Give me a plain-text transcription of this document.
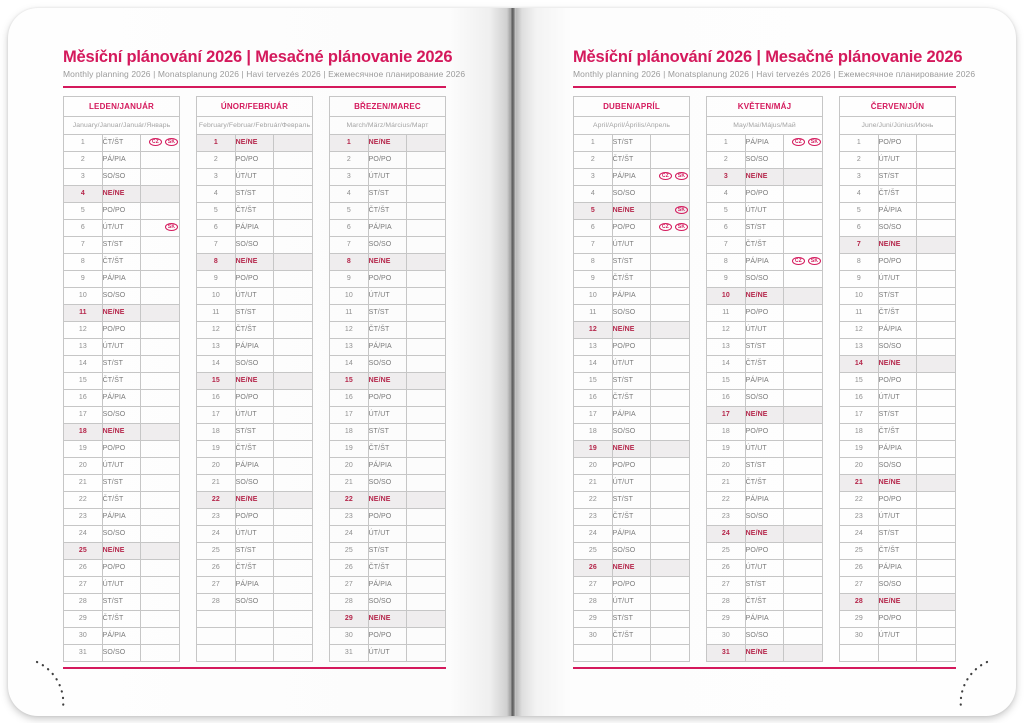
Měsíční plánování 2026 | Mesačné plánovanie 2026
Monthly planning 2026 | Monatsplanung 2026 | Havi tervezés 2026 | Ежемесячное планирование 2026
LEDEN/JANUÁR		
January/Januar/Január/Январь		
1	ČT/ŠT	CZ SK
2	PÁ/PIA	
3	SO/SO	
4	NE/NE	
5	PO/PO	
6	ÚT/UT	SK
7	ST/ST	
8	ČT/ŠT	
9	PÁ/PIA	
10	SO/SO	
11	NE/NE	
12	PO/PO	
13	ÚT/UT	
14	ST/ST	
15	ČT/ŠT	
16	PÁ/PIA	
17	SO/SO	
18	NE/NE	
19	PO/PO	
20	ÚT/UT	
21	ST/ST	
22	ČT/ŠT	
23	PÁ/PIA	
24	SO/SO	
25	NE/NE	
26	PO/PO	
27	ÚT/UT	
28	ST/ST	
29	ČT/ŠT	
30	PÁ/PIA	
31	SO/SO	
ÚNOR/FEBRUÁR		
February/Februar/Február/Февраль		
1	NE/NE	
2	PO/PO	
3	ÚT/UT	
4	ST/ST	
5	ČT/ŠT	
6	PÁ/PIA	
7	SO/SO	
8	NE/NE	
9	PO/PO	
10	ÚT/UT	
11	ST/ST	
12	ČT/ŠT	
13	PÁ/PIA	
14	SO/SO	
15	NE/NE	
16	PO/PO	
17	ÚT/UT	
18	ST/ST	
19	ČT/ŠT	
20	PÁ/PIA	
21	SO/SO	
22	NE/NE	
23	PO/PO	
24	ÚT/UT	
25	ST/ST	
26	ČT/ŠT	
27	PÁ/PIA	
28	SO/SO	

BŘEZEN/MAREC		
March/März/Március/Март		
1	NE/NE	
2	PO/PO	
3	ÚT/UT	
4	ST/ST	
5	ČT/ŠT	
6	PÁ/PIA	
7	SO/SO	
8	NE/NE	
9	PO/PO	
10	ÚT/UT	
11	ST/ST	
12	ČT/ŠT	
13	PÁ/PIA	
14	SO/SO	
15	NE/NE	
16	PO/PO	
17	ÚT/UT	
18	ST/ST	
19	ČT/ŠT	
20	PÁ/PIA	
21	SO/SO	
22	NE/NE	
23	PO/PO	
24	ÚT/UT	
25	ST/ST	
26	ČT/ŠT	
27	PÁ/PIA	
28	SO/SO	
29	NE/NE	
30	PO/PO	
31	ÚT/UT	
Měsíční plánování 2026 | Mesačné plánovanie 2026
Monthly planning 2026 | Monatsplanung 2026 | Havi tervezés 2026 | Ежемесячное планирование 2026
DUBEN/APRÍL		
April/April/Április/Апрель		
1	ST/ST	
2	ČT/ŠT	
3	PÁ/PIA	CZ SK
4	SO/SO	
5	NE/NE	SK
6	PO/PO	CZ SK
7	ÚT/UT	
8	ST/ST	
9	ČT/ŠT	
10	PÁ/PIA	
11	SO/SO	
12	NE/NE	
13	PO/PO	
14	ÚT/UT	
15	ST/ST	
16	ČT/ŠT	
17	PÁ/PIA	
18	SO/SO	
19	NE/NE	
20	PO/PO	
21	ÚT/UT	
22	ST/ST	
23	ČT/ŠT	
24	PÁ/PIA	
25	SO/SO	
26	NE/NE	
27	PO/PO	
28	ÚT/UT	
29	ST/ST	
30	ČT/ŠT	

KVĚTEN/MÁJ		
May/Mai/Május/Май		
1	PÁ/PIA	CZ SK
2	SO/SO	
3	NE/NE	
4	PO/PO	
5	ÚT/UT	
6	ST/ST	
7	ČT/ŠT	
8	PÁ/PIA	CZ SK
9	SO/SO	
10	NE/NE	
11	PO/PO	
12	ÚT/UT	
13	ST/ST	
14	ČT/ŠT	
15	PÁ/PIA	
16	SO/SO	
17	NE/NE	
18	PO/PO	
19	ÚT/UT	
20	ST/ST	
21	ČT/ŠT	
22	PÁ/PIA	
23	SO/SO	
24	NE/NE	
25	PO/PO	
26	ÚT/UT	
27	ST/ST	
28	ČT/ŠT	
29	PÁ/PIA	
30	SO/SO	
31	NE/NE	
ČERVEN/JÚN		
June/Juni/Június/Июнь		
1	PO/PO	
2	ÚT/UT	
3	ST/ST	
4	ČT/ŠT	
5	PÁ/PIA	
6	SO/SO	
7	NE/NE	
8	PO/PO	
9	ÚT/UT	
10	ST/ST	
11	ČT/ŠT	
12	PÁ/PIA	
13	SO/SO	
14	NE/NE	
15	PO/PO	
16	ÚT/UT	
17	ST/ST	
18	ČT/ŠT	
19	PÁ/PIA	
20	SO/SO	
21	NE/NE	
22	PO/PO	
23	ÚT/UT	
24	ST/ST	
25	ČT/ŠT	
26	PÁ/PIA	
27	SO/SO	
28	NE/NE	
29	PO/PO	
30	ÚT/UT	
